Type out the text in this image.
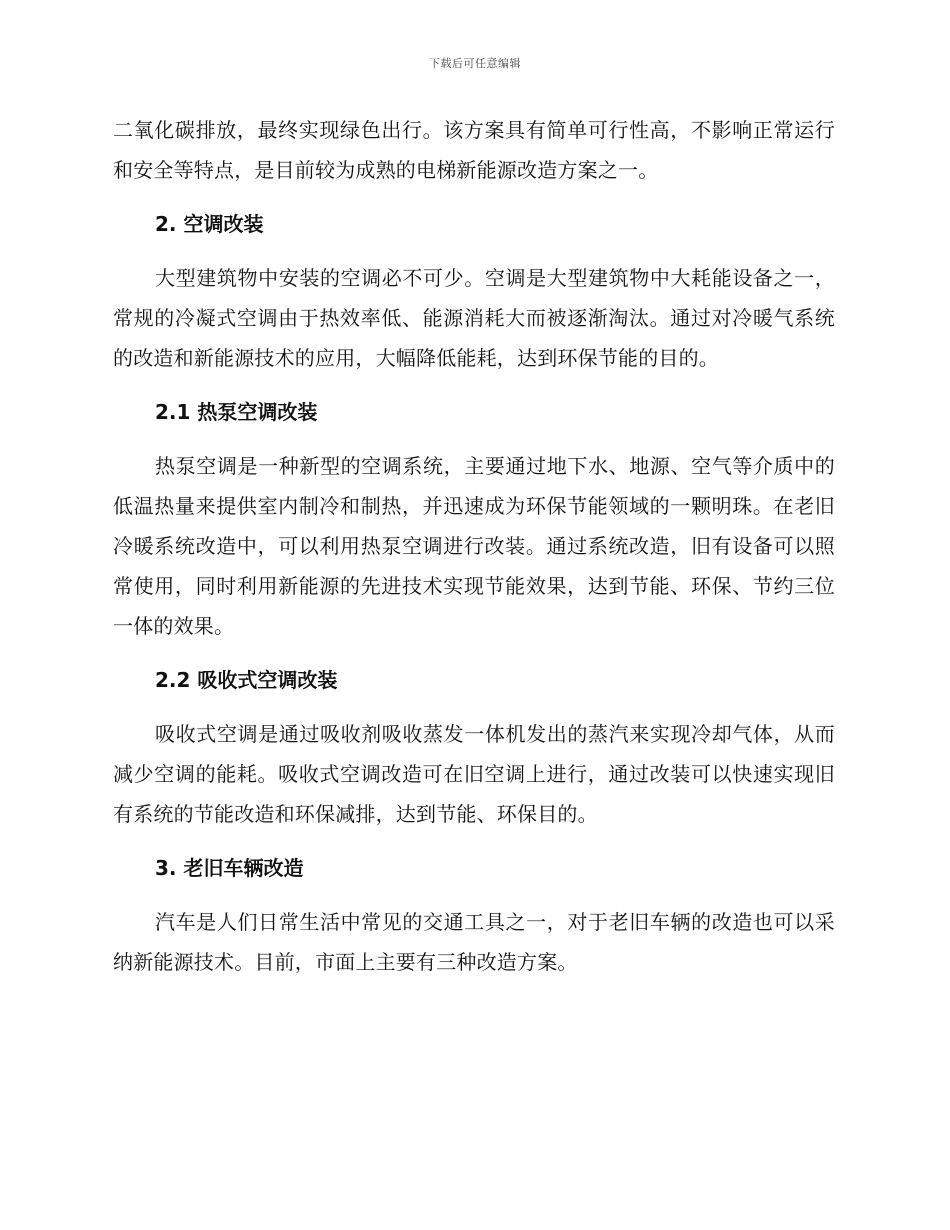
下载后可任意编辑

二氧化碳排放，最终实现绿色出行。该方案具有简单可行性高，不影响正常运行和安全等特点，是目前较为成熟的电梯新能源改造方案之一。

2. 空调改装

大型建筑物中安装的空调必不可少。空调是大型建筑物中大耗能设备之一，常规的冷凝式空调由于热效率低、能源消耗大而被逐渐淘汰。通过对冷暖气系统的改造和新能源技术的应用，大幅降低能耗，达到环保节能的目的。

2.1 热泵空调改装

热泵空调是一种新型的空调系统，主要通过地下水、地源、空气等介质中的低温热量来提供室内制冷和制热，并迅速成为环保节能领域的一颗明珠。在老旧冷暖系统改造中，可以利用热泵空调进行改装。通过系统改造，旧有设备可以照常使用，同时利用新能源的先进技术实现节能效果，达到节能、环保、节约三位一体的效果。

2.2 吸收式空调改装

吸收式空调是通过吸收剂吸收蒸发一体机发出的蒸汽来实现冷却气体，从而减少空调的能耗。吸收式空调改造可在旧空调上进行，通过改装可以快速实现旧有系统的节能改造和环保减排，达到节能、环保目的。

3. 老旧车辆改造

汽车是人们日常生活中常见的交通工具之一，对于老旧车辆的改造也可以采纳新能源技术。目前，市面上主要有三种改造方案。
